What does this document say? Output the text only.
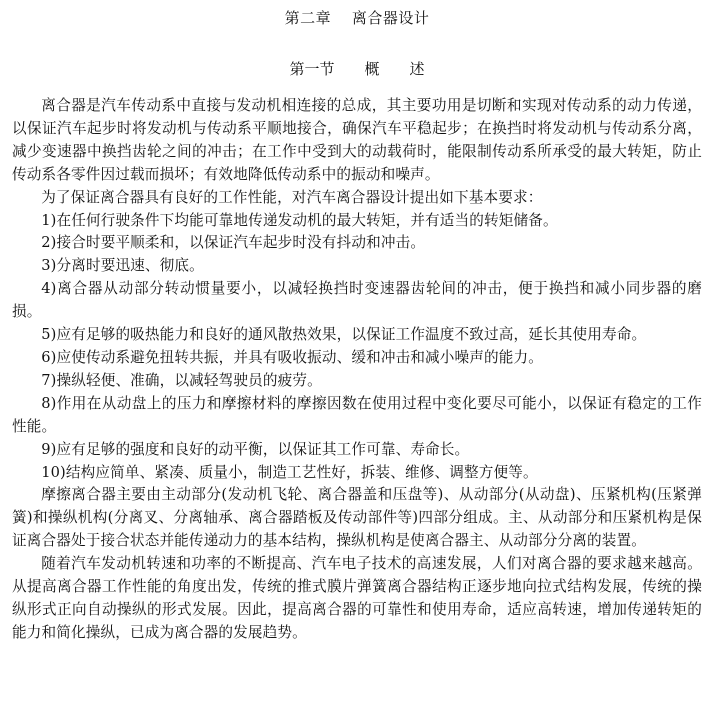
第二章　 离合器设计
第一节　　概　　述

离合器是汽车传动系中直接与发动机相连接的总成，其主要功用是切断和实现对传动系的动力传递，以保证汽车起步时将发动机与传动系平顺地接合，确保汽车平稳起步；在换挡时将发动机与传动系分离，减少变速器中换挡齿轮之间的冲击；在工作中受到大的动载荷时，能限制传动系所承受的最大转矩，防止传动系各零件因过载而损坏；有效地降低传动系中的振动和噪声。

为了保证离合器具有良好的工作性能，对汽车离合器设计提出如下基本要求：

1)在任何行驶条件下均能可靠地传递发动机的最大转矩，并有适当的转矩储备。

2)接合时要平顺柔和，以保证汽车起步时没有抖动和冲击。

3)分离时要迅速、彻底。

4)离合器从动部分转动惯量要小，以减轻换挡时变速器齿轮间的冲击，便于换挡和减小同步器的磨损。

5)应有足够的吸热能力和良好的通风散热效果，以保证工作温度不致过高，延长其使用寿命。

6)应使传动系避免扭转共振，并具有吸收振动、缓和冲击和减小噪声的能力。

7)操纵轻便、准确，以减轻驾驶员的疲劳。

8)作用在从动盘上的压力和摩擦材料的摩擦因数在使用过程中变化要尽可能小，以保证有稳定的工作性能。

9)应有足够的强度和良好的动平衡，以保证其工作可靠、寿命长。

10)结构应简单、紧凑、质量小，制造工艺性好，拆装、维修、调整方便等。

摩擦离合器主要由主动部分(发动机飞轮、离合器盖和压盘等)、从动部分(从动盘)、压紧机构(压紧弹簧)和操纵机构(分离叉、分离轴承、离合器踏板及传动部件等)四部分组成。主、从动部分和压紧机构是保证离合器处于接合状态并能传递动力的基本结构，操纵机构是使离合器主、从动部分分离的装置。

随着汽车发动机转速和功率的不断提高、汽车电子技术的高速发展，人们对离合器的要求越来越高。从提高离合器工作性能的角度出发，传统的推式膜片弹簧离合器结构正逐步地向拉式结构发展，传统的操纵形式正向自动操纵的形式发展。因此，提高离合器的可靠性和使用寿命，适应高转速，增加传递转矩的能力和简化操纵，已成为离合器的发展趋势。
